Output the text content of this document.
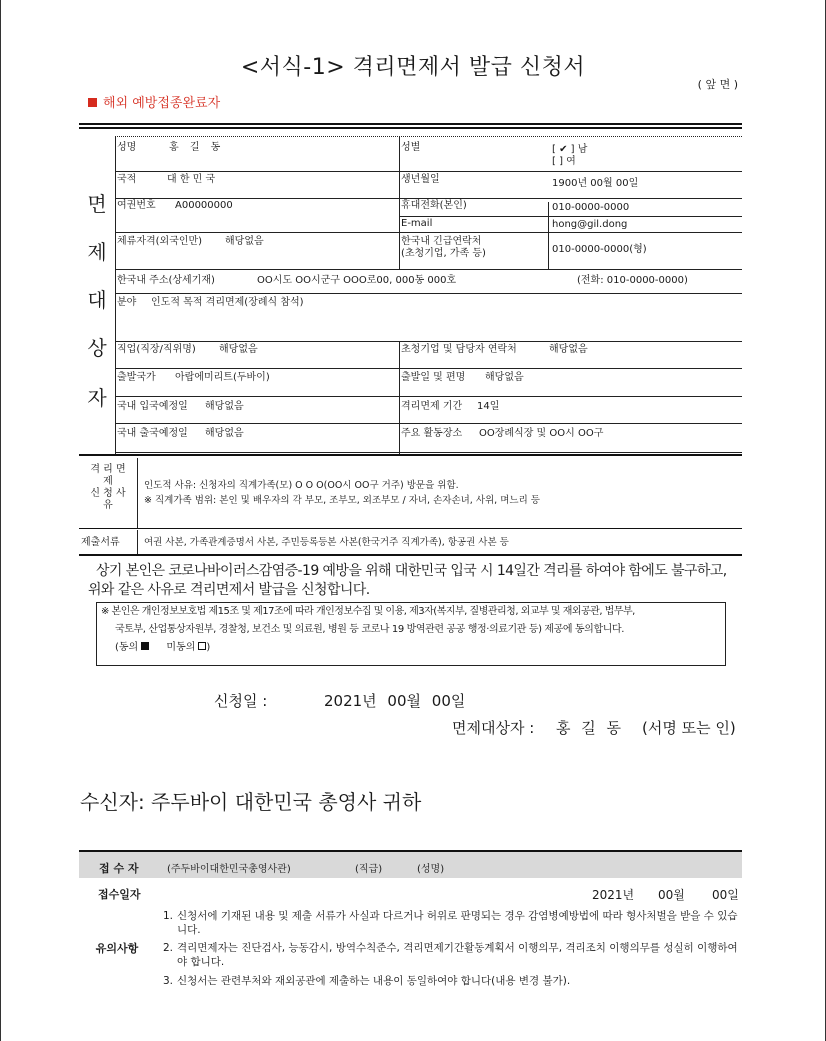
<서식-1> 격리면제서 발급 신청서
( 앞 면 )
해외 예방접종완료자
면
제
대
상
자
성명	홍 길 동	성별	[ ✔ ] 남
[ ] 여
국적	대 한 민 국	생년월일	1900년 00월 00일
여권번호 A00000000	휴대전화(본인)	010-0000-0000
E-mail	hong@gil.dong
체류자격(외국인만) 해당없음	한국내 긴급연락처
(초청기업, 가족 등)	010-0000-0000(형)
한국내 주소(상세기재)	OO시도 OO시군구 OOO로00, 000동 000호	(전화: 010-0000-0000)
분야 인도적 목적 격리면제(장례식 참석)
직업(직장/직위명) 해당없음	초청기업 및 담당자 연락처	해당없음
출발국가 아랍에미리트(두바이)	출발일 및 편명 해당없음
국내 입국예정일 해당없음	격리면제 기간 14일
국내 출국예정일 해당없음	주요 활동장소 OO장례식장 및 OO시 OO구
격 리 면
제
신 청 사
유
인도적 사유: 신청자의 직계가족(모) O O O(OO시 OO구 거주) 방문을 위함.
※ 직계가족 범위: 본인 및 배우자의 각 부모, 조부모, 외조부모 / 자녀, 손자손녀, 사위, 며느리 등
제출서류	여권 사본, 가족관계증명서 사본, 주민등록등본 사본(한국거주 직계가족), 항공권 사본 등
상기 본인은 코로나바이러스감염증-19 예방을 위해 대한민국 입국 시 14일간 격리를 하여야 함에도 불구하고, 위와 같은 사유로 격리면제서 발급을 신청합니다.
※ 본인은 개인정보보호법 제15조 및 제17조에 따라 개인정보수집 및 이용, 제3자(복지부, 질병관리청, 외교부 및 재외공관, 법무부,
국토부, 산업통상자원부, 경찰청, 보건소 및 의료원, 병원 등 코로나 19 방역관련 공공 행정·의료기관 등) 제공에 동의합니다.
(동의	미동의 )
신청일 :	2021년 00월 00일
면제대상자 : 홍 길 동 (서명 또는 인)
수신자: 주두바이 대한민국 총영사 귀하
접 수 자	(주두바이대한민국총영사관)	(직급)	(성명)
접수일자	2021년 00월 00일
유의사항
1. 신청서에 기재된 내용 및 제출 서류가 사실과 다르거나 허위로 판명되는 경우 감염병예방법에 따라 형사처벌을 받을 수 있습니다.
2. 격리면제자는 진단검사, 능동감시, 방역수칙준수, 격리면제기간활동계획서 이행의무, 격리조치 이행의무를 성실히 이행하여야 합니다.
3. 신청서는 관련부처와 재외공관에 제출하는 내용이 동일하여야 합니다(내용 변경 불가).
